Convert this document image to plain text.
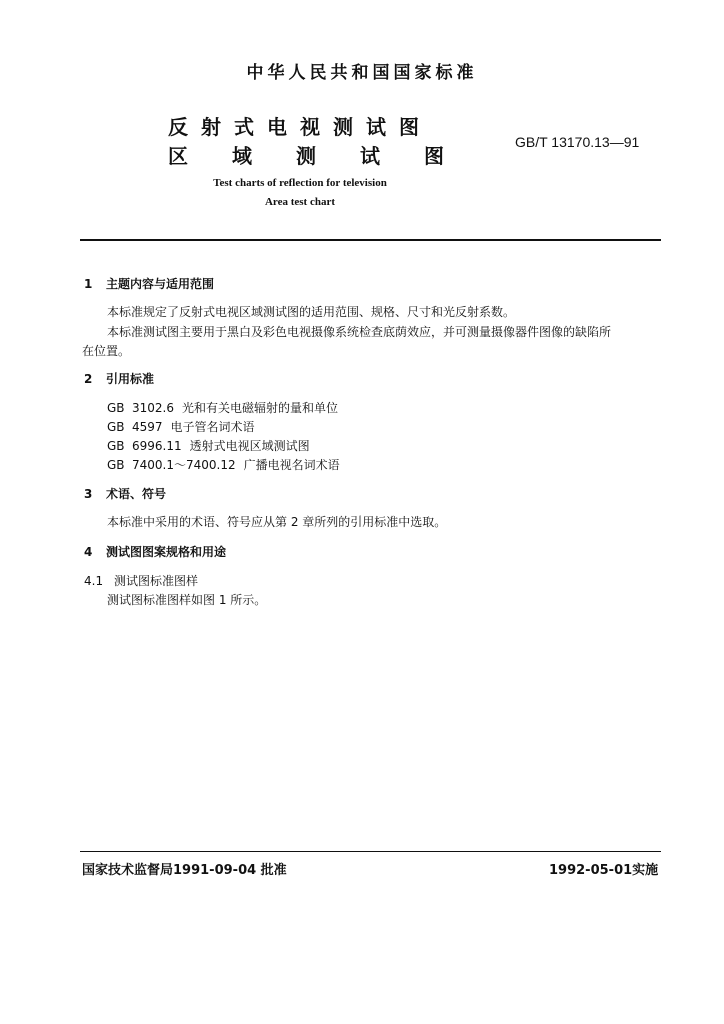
中华人民共和国国家标准
反射式电视测试图
区域测试图
GB/T 13170.13—91
Test charts of reflection for television
Area test chart
1 主题内容与适用范围
本标准规定了反射式电视区域测试图的适用范围、规格、尺寸和光反射系数。
本标准测试图主要用于黑白及彩色电视摄像系统检查底荫效应，并可测量摄像器件图像的缺陷所
在位置。
2 引用标准
GB 3102.6 光和有关电磁辐射的量和单位
GB 4597 电子管名词术语
GB 6996.11 透射式电视区域测试图
GB 7400.1～7400.12 广播电视名词术语
3 术语、符号
本标准中采用的术语、符号应从第 2 章所列的引用标准中选取。
4 测试图图案规格和用途
4.1 测试图标准图样
测试图标准图样如图 1 所示。
国家技术监督局1991-09-04 批准	1992-05-01实施
